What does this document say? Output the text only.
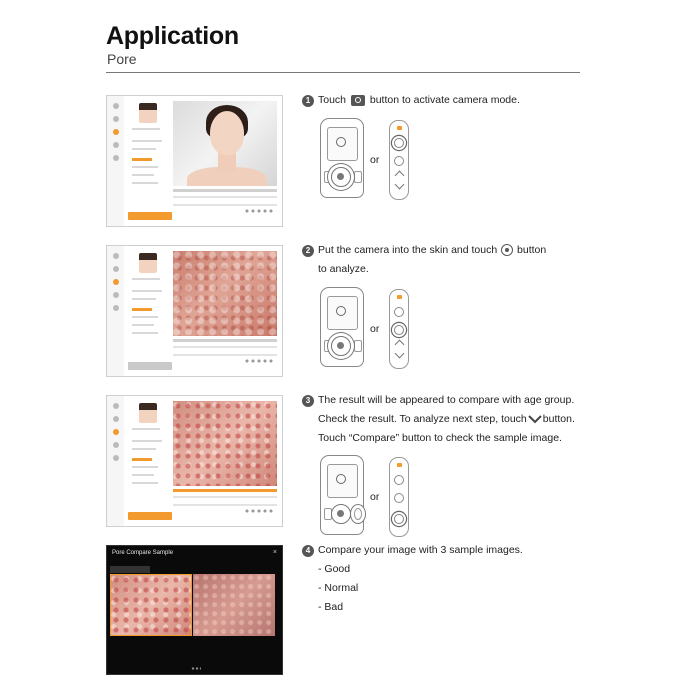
Application
Pore
1 Touch button to activate camera mode.
or
2 Put the camera into the skin and touch button
to analyze.
or
3 The result will be appeared to compare with age group.
Check the result. To analyze next step, touch button.
Touch “Compare” button to check the sample image.
or
Pore Compare Sample	×	4 Compare your image with 3 sample images.
- Good
- Normal
- Bad
